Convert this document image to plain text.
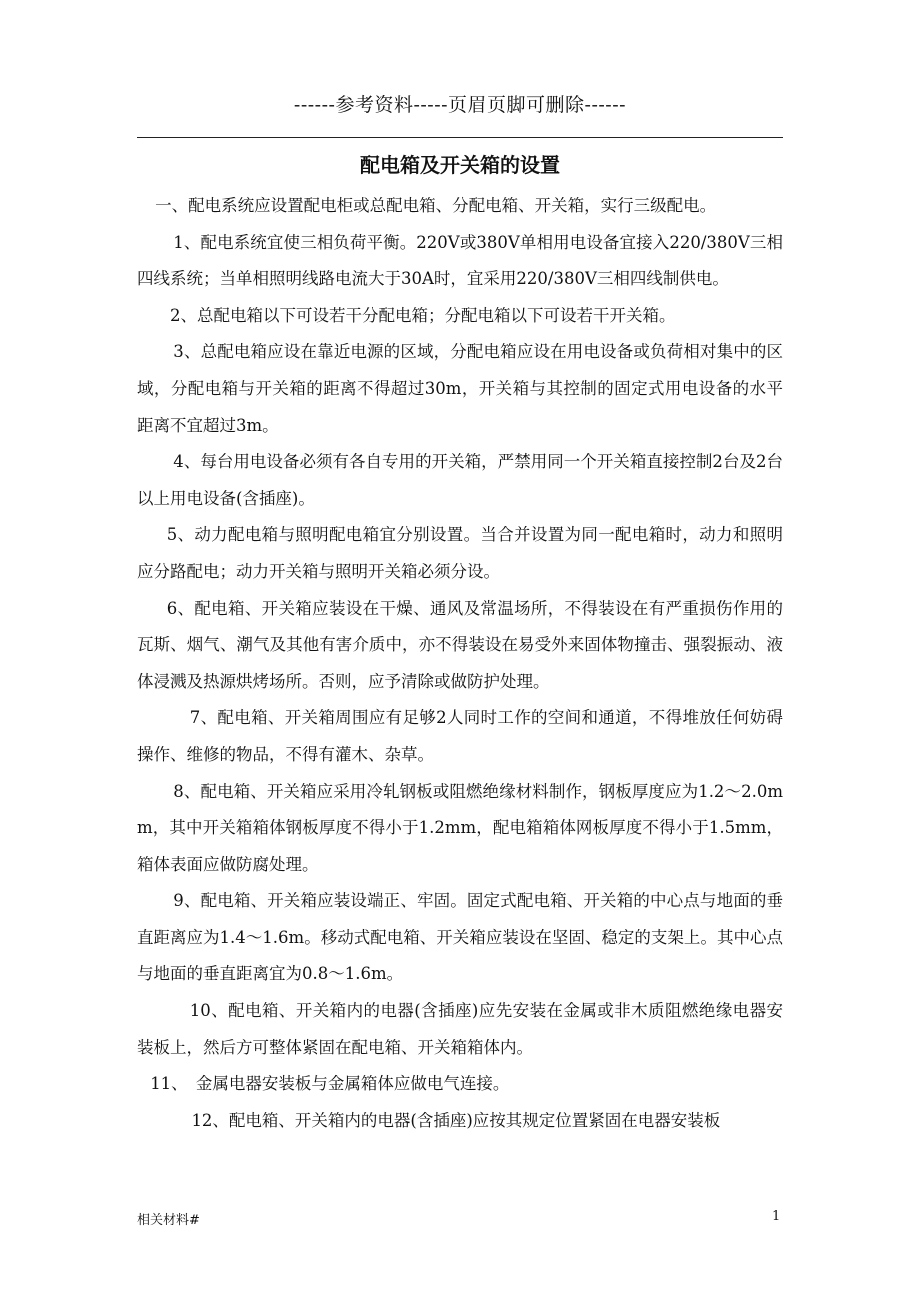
------参考资料-----页眉页脚可删除------
配电箱及开关箱的设置

一、配电系统应设置配电柜或总配电箱、分配电箱、开关箱，实行三级配电。

1、配电系统宜使三相负荷平衡。220V或380V单相用电设备宜接入220/380V三相四线系统；当单相照明线路电流大于30A时，宜采用220/380V三相四线制供电。

2、总配电箱以下可设若干分配电箱；分配电箱以下可设若干开关箱。

3、总配电箱应设在靠近电源的区域，分配电箱应设在用电设备或负荷相对集中的区域，分配电箱与开关箱的距离不得超过30m，开关箱与其控制的固定式用电设备的水平距离不宜超过3m。

4、每台用电设备必须有各自专用的开关箱，严禁用同一个开关箱直接控制2台及2台以上用电设备(含插座)。

5、动力配电箱与照明配电箱宜分别设置。当合并设置为同一配电箱时，动力和照明应分路配电；动力开关箱与照明开关箱必须分设。

6、配电箱、开关箱应装设在干燥、通风及常温场所，不得装设在有严重损伤作用的瓦斯、烟气、潮气及其他有害介质中，亦不得装设在易受外来固体物撞击、强裂振动、液体浸溅及热源烘烤场所。否则，应予清除或做防护处理。

7、配电箱、开关箱周围应有足够2人同时工作的空间和通道，不得堆放任何妨碍操作、维修的物品，不得有灌木、杂草。

8、配电箱、开关箱应采用冷轧钢板或阻燃绝缘材料制作，钢板厚度应为1.2～2.0mm，其中开关箱箱体钢板厚度不得小于1.2mm，配电箱箱体网板厚度不得小于1.5mm，箱体表面应做防腐处理。

9、配电箱、开关箱应装设端正、牢固。固定式配电箱、开关箱的中心点与地面的垂直距离应为1.4～1.6m。移动式配电箱、开关箱应装设在坚固、稳定的支架上。其中心点与地面的垂直距离宜为0.8～1.6m。

10、配电箱、开关箱内的电器(含插座)应先安装在金属或非木质阻燃绝缘电器安装板上，然后方可整体紧固在配电箱、开关箱箱体内。

11、　金属电器安装板与金属箱体应做电气连接。

12、配电箱、开关箱内的电器(含插座)应按其规定位置紧固在电器安装板

相关材料#	1
